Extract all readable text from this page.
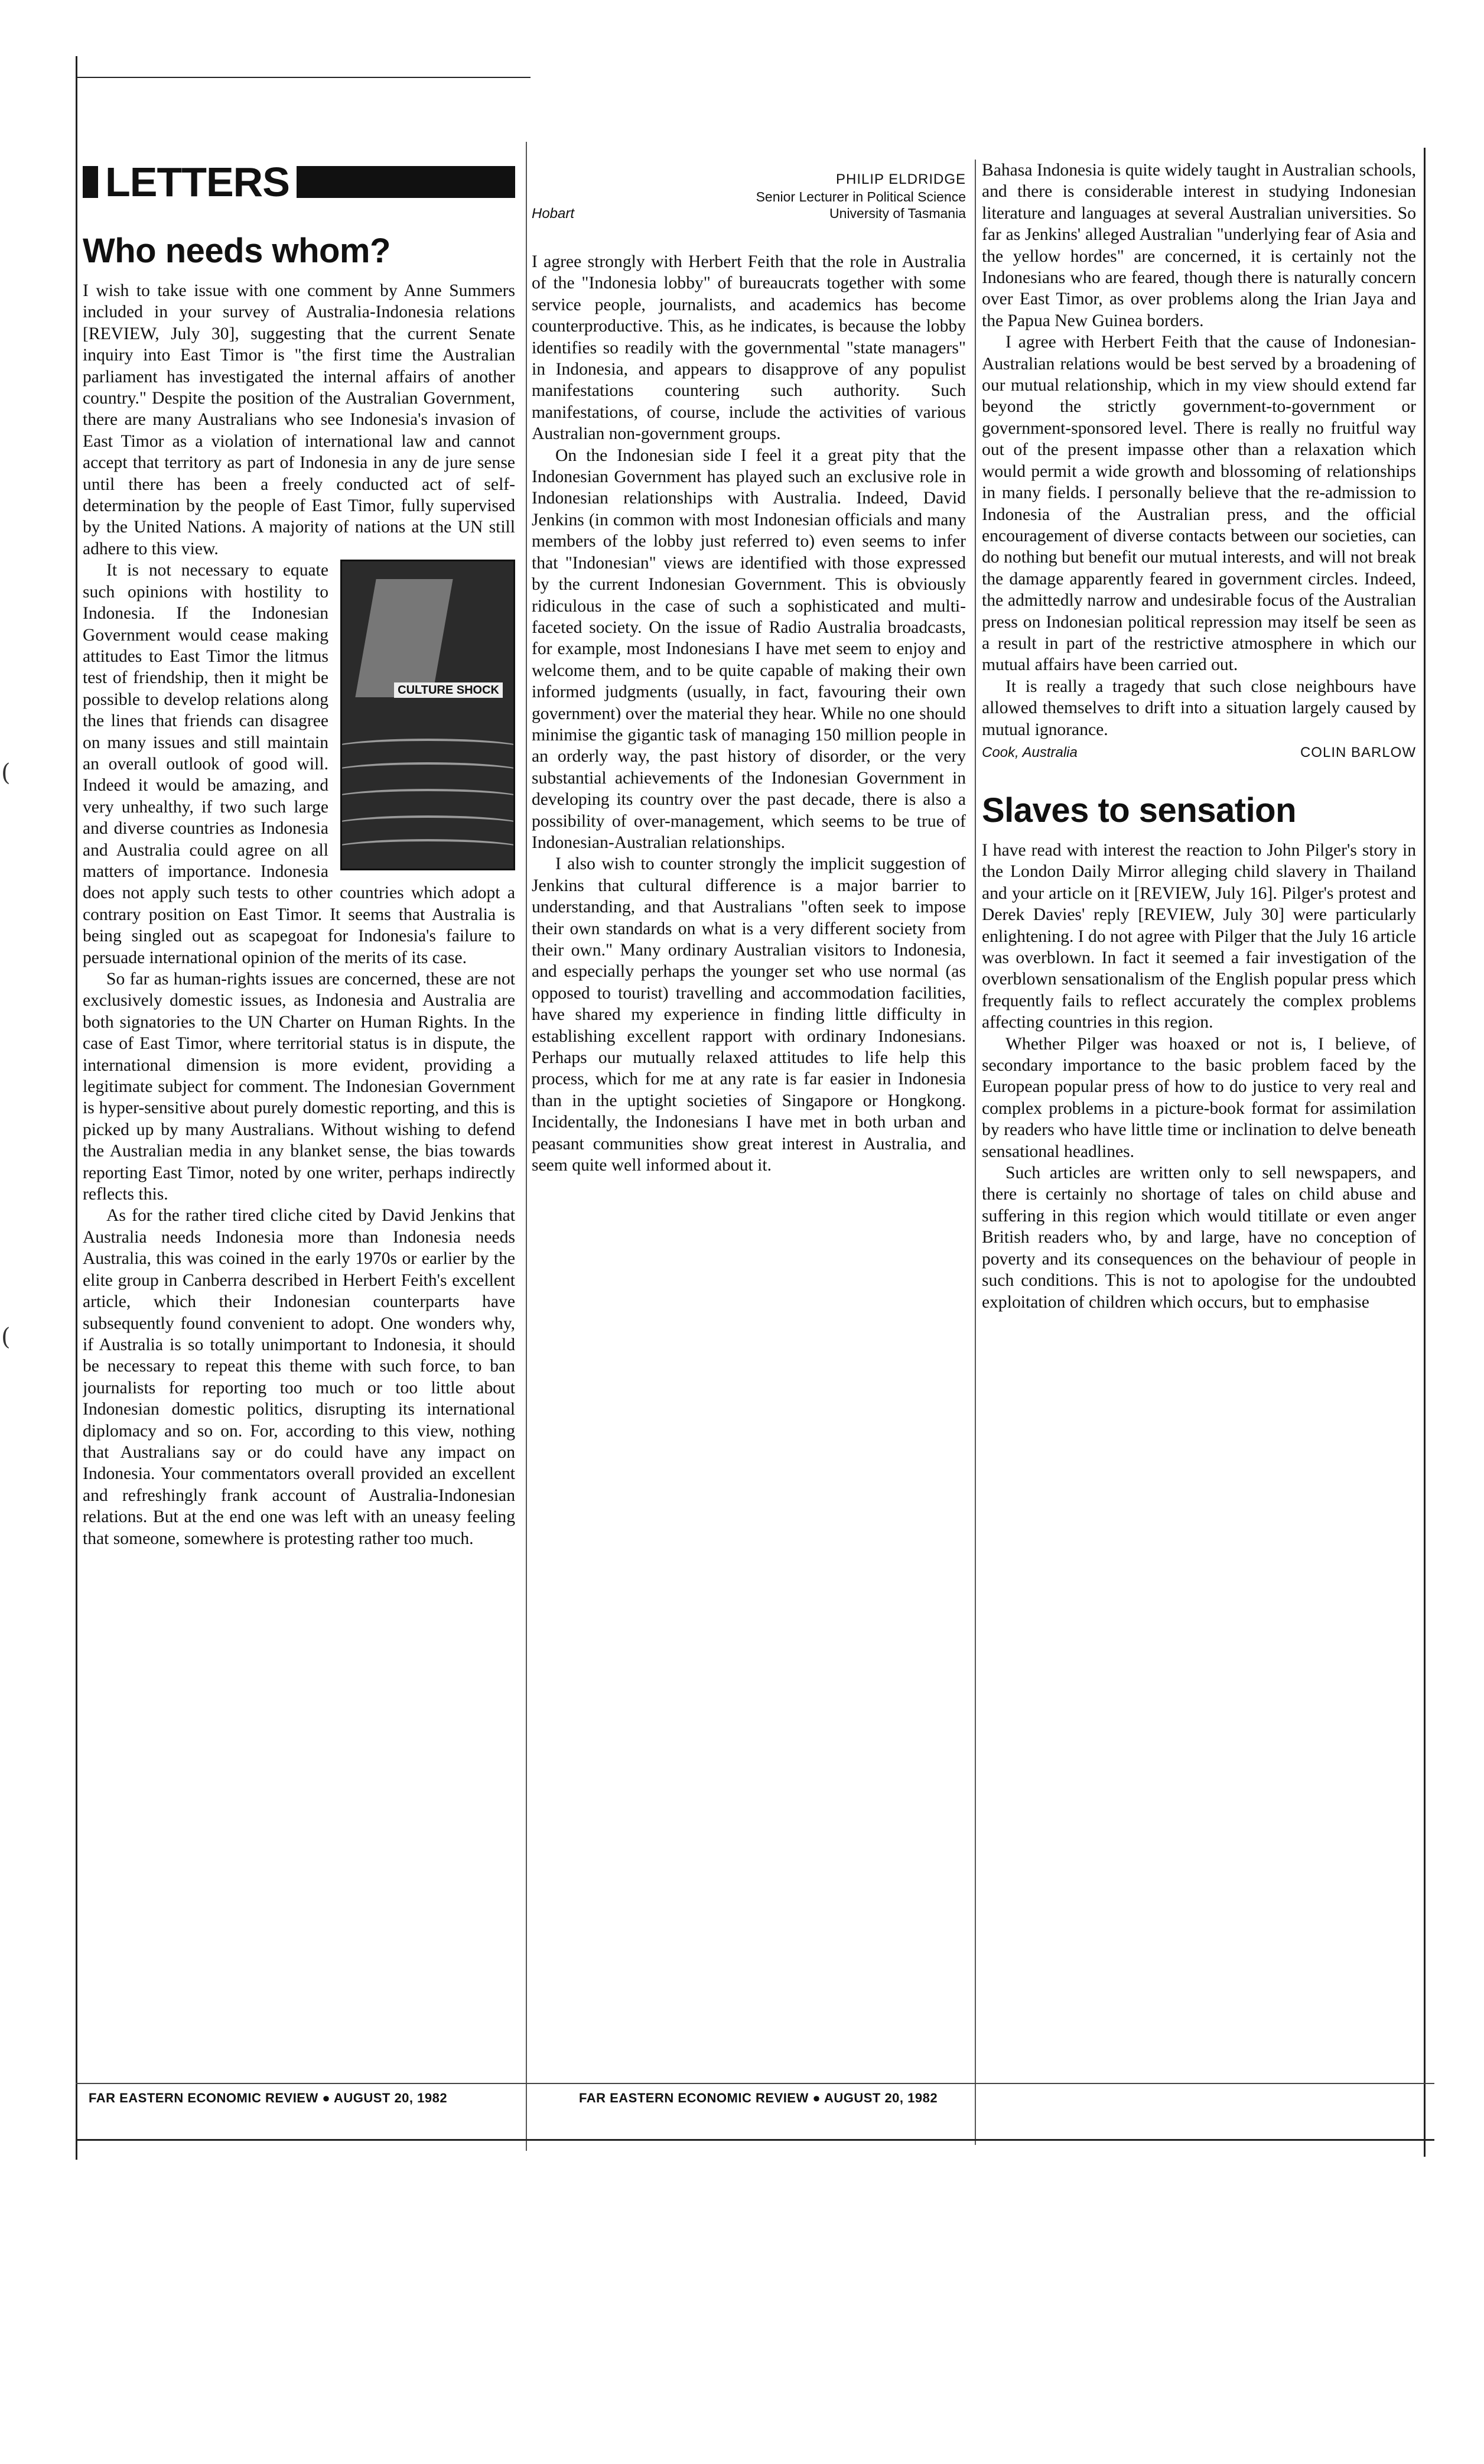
(
(
LETTERS
Who needs whom?

I wish to take issue with one comment by Anne Summers included in your survey of Australia-Indonesia relations [REVIEW, July 30], suggesting that the current Senate inquiry into East Timor is "the first time the Australian parliament has investigated the internal affairs of another country." Despite the position of the Australian Government, there are many Australians who see Indonesia's invasion of East Timor as a violation of international law and cannot accept that territory as part of Indonesia in any de jure sense until there has been a freely conducted act of self-determination by the people of East Timor, fully supervised by the United Nations. A majority of nations at the UN still adhere to this view.

CULTURE SHOCK

It is not necessary to equate such opinions with hostility to Indonesia. If the Indonesian Government would cease making attitudes to East Timor the litmus test of friendship, then it might be possible to develop relations along the lines that friends can disagree on many issues and still maintain an overall outlook of good will. Indeed it would be amazing, and very unhealthy, if two such large and diverse countries as Indonesia and Australia could agree on all matters of importance. Indonesia does not apply such tests to other countries which adopt a contrary position on East Timor. It seems that Australia is being singled out as scapegoat for Indonesia's failure to persuade international opinion of the merits of its case.

So far as human-rights issues are concerned, these are not exclusively domestic issues, as Indonesia and Australia are both signatories to the UN Charter on Human Rights. In the case of East Timor, where territorial status is in dispute, the international dimension is more evident, providing a legitimate subject for comment. The Indonesian Government is hyper-sensitive about purely domestic reporting, and this is picked up by many Australians. Without wishing to defend the Australian media in any blanket sense, the bias towards reporting East Timor, noted by one writer, perhaps indirectly reflects this.

As for the rather tired cliche cited by David Jenkins that Australia needs Indonesia more than Indonesia needs Australia, this was coined in the early 1970s or earlier by the elite group in Canberra described in Herbert Feith's excellent article, which their Indonesian counterparts have subsequently found convenient to adopt. One wonders why, if Australia is so totally unimportant to Indonesia, it should be necessary to repeat this theme with such force, to ban journalists for reporting too much or too little about Indonesian domestic politics, disrupting its international diplomacy and so on. For, according to this view, nothing that Australians say or do could have any impact on Indonesia. Your commentators overall provided an excellent and refreshingly frank account of Australia-Indonesian relations. But at the end one was left with an uneasy feeling that someone, somewhere is protesting rather too much.

PHILIP ELDRIDGE
Senior Lecturer in Political Science
Hobart	University of Tasmania

I agree strongly with Herbert Feith that the role in Australia of the "Indonesia lobby" of bureaucrats together with some service people, journalists, and academics has become counterproductive. This, as he indicates, is because the lobby identifies so readily with the governmental "state managers" in Indonesia, and appears to disapprove of any populist manifestations countering such authority. Such manifestations, of course, include the activities of various Australian non-government groups.

On the Indonesian side I feel it a great pity that the Indonesian Government has played such an exclusive role in Indonesian relationships with Australia. Indeed, David Jenkins (in common with most Indonesian officials and many members of the lobby just referred to) even seems to infer that "Indonesian" views are identified with those expressed by the current Indonesian Government. This is obviously ridiculous in the case of such a sophisticated and multi-faceted society. On the issue of Radio Australia broadcasts, for example, most Indonesians I have met seem to enjoy and welcome them, and to be quite capable of making their own informed judgments (usually, in fact, favouring their own government) over the material they hear. While no one should minimise the gigantic task of managing 150 million people in an orderly way, the past history of disorder, or the very substantial achievements of the Indonesian Government in developing its country over the past decade, there is also a possibility of over-management, which seems to be true of Indonesian-Australian relationships.

I also wish to counter strongly the implicit suggestion of Jenkins that cultural difference is a major barrier to understanding, and that Australians "often seek to impose their own standards on what is a very different society from their own." Many ordinary Australian visitors to Indonesia, and especially perhaps the younger set who use normal (as opposed to tourist) travelling and accommodation facilities, have shared my experience in finding little difficulty in establishing excellent rapport with ordinary Indonesians. Perhaps our mutually relaxed attitudes to life help this process, which for me at any rate is far easier in Indonesia than in the uptight societies of Singapore or Hongkong. Incidentally, the Indonesians I have met in both urban and peasant communities show great interest in Australia, and seem quite well informed about it.

Bahasa Indonesia is quite widely taught in Australian schools, and there is considerable interest in studying Indonesian literature and languages at several Australian universities. So far as Jenkins' alleged Australian "underlying fear of Asia and the yellow hordes" are concerned, it is certainly not the Indonesians who are feared, though there is naturally concern over East Timor, as over problems along the Irian Jaya and the Papua New Guinea borders.

I agree with Herbert Feith that the cause of Indonesian-Australian relations would be best served by a broadening of our mutual relationship, which in my view should extend far beyond the strictly government-to-government or government-sponsored level. There is really no fruitful way out of the present impasse other than a relaxation which would permit a wide growth and blossoming of relationships in many fields. I personally believe that the re-admission to Indonesia of the Australian press, and the official encouragement of diverse contacts between our societies, can do nothing but benefit our mutual interests, and will not break the damage apparently feared in government circles. Indeed, the admittedly narrow and undesirable focus of the Australian press on Indonesian political repression may itself be seen as a result in part of the restrictive atmosphere in which our mutual affairs have been carried out.

It is really a tragedy that such close neighbours have allowed themselves to drift into a situation largely caused by mutual ignorance.

Cook, Australia	COLIN BARLOW
Slaves to sensation

I have read with interest the reaction to John Pilger's story in the London Daily Mirror alleging child slavery in Thailand and your article on it [REVIEW, July 16]. Pilger's protest and Derek Davies' reply [REVIEW, July 30] were particularly enlightening. I do not agree with Pilger that the July 16 article was overblown. In fact it seemed a fair investigation of the overblown sensationalism of the English popular press which frequently fails to reflect accurately the complex problems affecting countries in this region.

Whether Pilger was hoaxed or not is, I believe, of secondary importance to the basic problem faced by the European popular press of how to do justice to very real and complex problems in a picture-book format for assimilation by readers who have little time or inclination to delve beneath sensational headlines.

Such articles are written only to sell newspapers, and there is certainly no shortage of tales on child abuse and suffering in this region which would titillate or even anger British readers who, by and large, have no conception of poverty and its consequences on the behaviour of people in such conditions. This is not to apologise for the undoubted exploitation of children which occurs, but to emphasise

FAR EASTERN ECONOMIC REVIEW ● AUGUST 20, 1982	FAR EASTERN ECONOMIC REVIEW ● AUGUST 20, 1982
